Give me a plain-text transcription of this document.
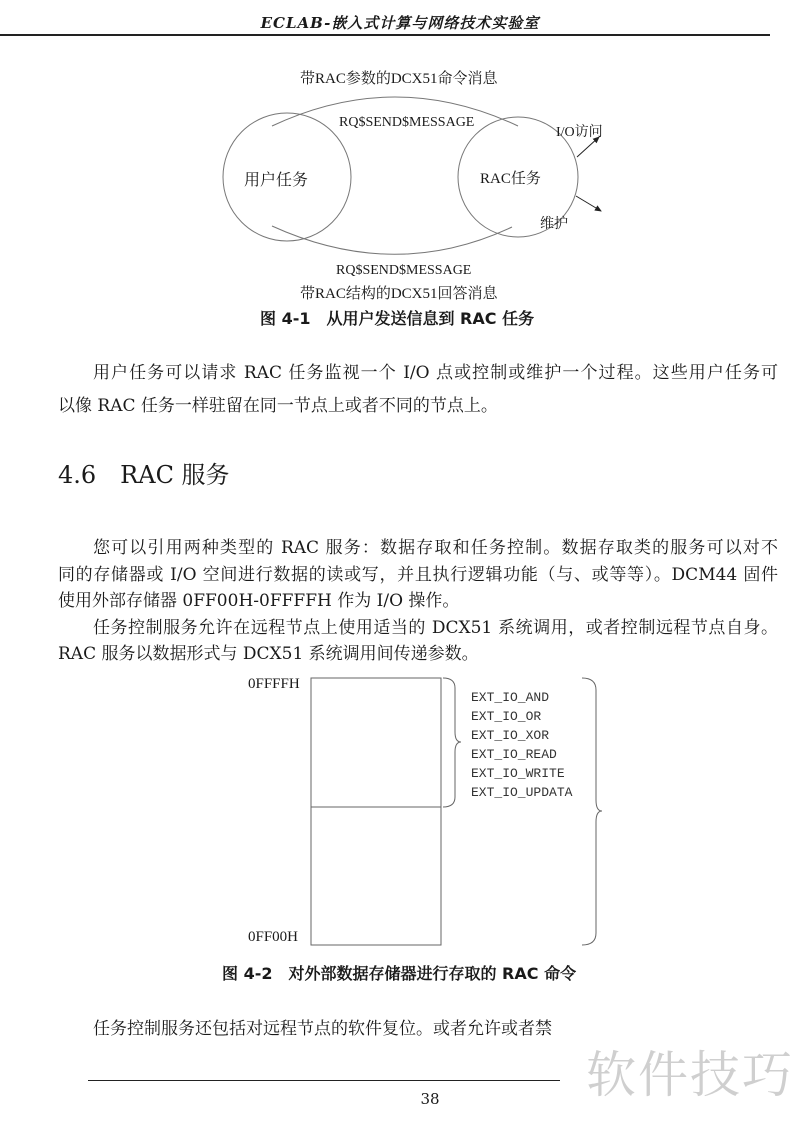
ECLAB-嵌入式计算与网络技术实验室
带RAC参数的DCX51命令消息
RQ$SEND$MESSAGE
用户任务	RAC任务
I/O访问
维护
RQ$SEND$MESSAGE
带RAC结构的DCX51回答消息
图 4-1　从用户发送信息到 RAC 任务
用户任务可以请求 RAC 任务监视一个 I/O 点或控制或维护一个过程。这些用户任务可
以像 RAC 任务一样驻留在同一节点上或者不同的节点上。
4.6　RAC 服务
您可以引用两种类型的 RAC 服务：数据存取和任务控制。数据存取类的服务可以对不
同的存储器或 I/O 空间进行数据的读或写，并且执行逻辑功能（与、或等等）。DCM44 固件
使用外部存储器 0FF00H-0FFFFH 作为 I/O 操作。
任务控制服务允许在远程节点上使用适当的 DCX51 系统调用，或者控制远程节点自身。
RAC 服务以数据形式与 DCX51 系统调用间传递参数。
0FFFFH
0FF00H
EXT_IO_AND
EXT_IO_OR
EXT_IO_XOR
EXT_IO_READ
EXT_IO_WRITE
EXT_IO_UPDATA
图 4-2　对外部数据存储器进行存取的 RAC 命令
任务控制服务还包括对远程节点的软件复位。或者允许或者禁
38	软件技巧
